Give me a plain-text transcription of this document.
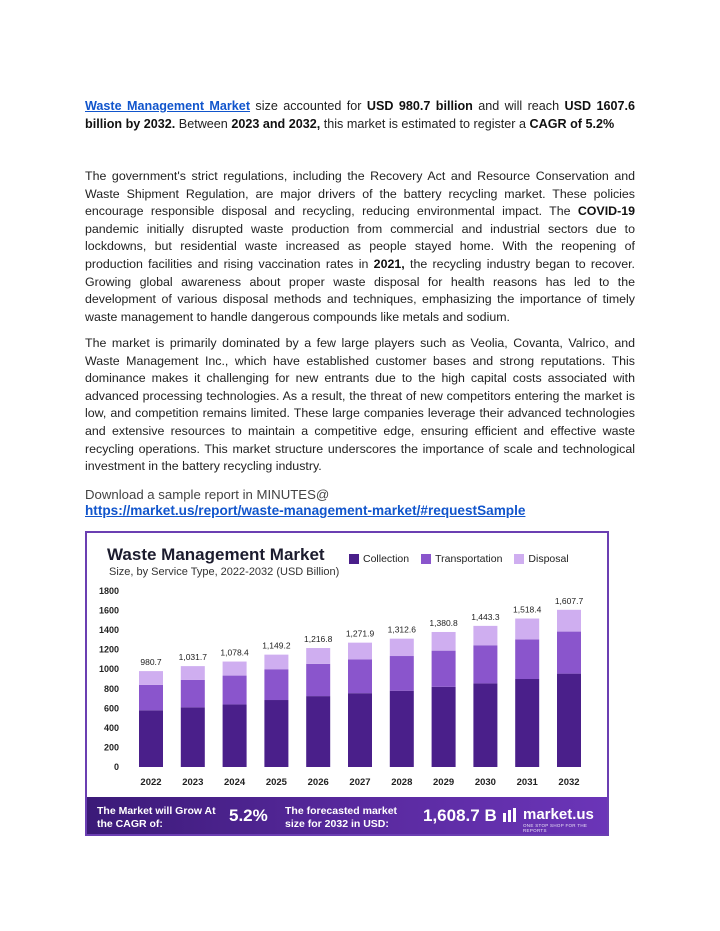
Waste Management Market size accounted for USD 980.7 billion and will reach USD 1607.6 billion by 2032. Between 2023 and 2032, this market is estimated to register a CAGR of 5.2%

The government's strict regulations, including the Recovery Act and Resource Conservation and Waste Shipment Regulation, are major drivers of the battery recycling market. These policies encourage responsible disposal and recycling, reducing environmental impact. The COVID-19 pandemic initially disrupted waste production from commercial and industrial sectors due to lockdowns, but residential waste increased as people stayed home. With the reopening of production facilities and rising vaccination rates in 2021, the recycling industry began to recover. Growing global awareness about proper waste disposal for health reasons has led to the development of various disposal methods and techniques, emphasizing the importance of timely waste management to handle dangerous compounds like metals and sodium.

The market is primarily dominated by a few large players such as Veolia, Covanta, Valrico, and Waste Management Inc., which have established customer bases and strong reputations. This dominance makes it challenging for new entrants due to the high capital costs associated with advanced processing technologies. As a result, the threat of new competitors entering the market is low, and competition remains limited. These large companies leverage their advanced technologies and extensive resources to maintain a competitive edge, ensuring efficient and effective waste recycling operations. This market structure underscores the importance of scale and technological investment in the battery recycling industry.

Download a sample report in MINUTES@
https://market.us/report/waste-management-market/#requestSample
0
200
400
600
800
1000
1200
1400
1600
1800
980.7
2022
1,031.7
2023
1,078.4
2024
1,149.2
2025
1,216.8
2026
1,271.9
2027
1,312.6
2028
1,380.8
2029
1,443.3
2030
1,518.4
2031
1,607.7
2032
Waste Management Market
Size, by Service Type, 2022-2032 (USD Billion)
Collection Transportation Disposal
The Market will Grow At the CAGR of:	5.2% The forecasted market size for 2032 in USD:	1,608.7 B market.us
ONE STOP SHOP FOR THE REPORTS
